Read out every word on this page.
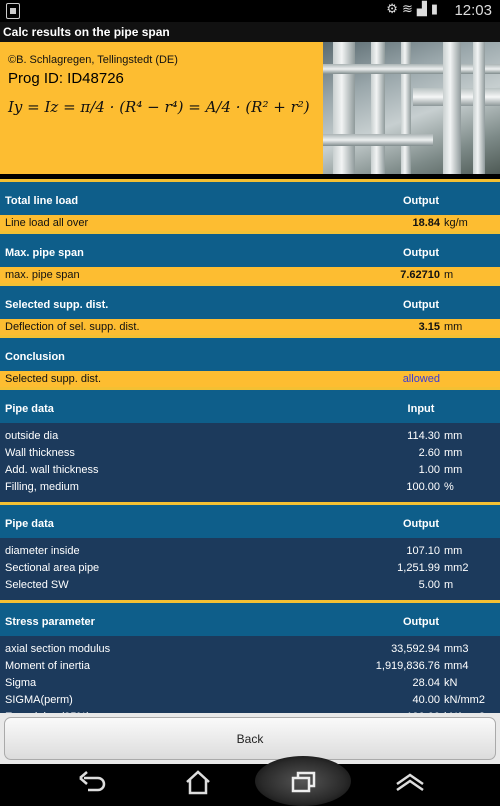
⚙≋▟▮ 12:03
Calc results on the pipe span
©B. Schlagregen, Tellingstedt (DE)
Prog ID: ID48726
Iy = Iz = π/4 · (R⁴ − r⁴) = A/4 · (R² + r²)
Total line load	Output
Line load all over	18.84 kg/m
Max. pipe span	Output
max. pipe span	7.62710 m
Selected supp. dist.	Output
Deflection of sel. supp. dist.	3.15 mm
Conclusion
Selected supp. dist.	allowed
Pipe data	Input
outside dia	114.30 mm
Wall thickness	2.60 mm
Add. wall thickness	1.00 mm
Filling, medium	100.00 %
Pipe data	Output
diameter inside	107.10 mm
Sectional area pipe	1,251.99 mm2
Selected SW	5.00 m
Stress parameter	Output
axial section modulus	33,592.94 mm3
Moment of inertia	1,919,836.76 mm4
Sigma	28.04 kN
SIGMA(perm)	40.00 kN/mm2
Back
